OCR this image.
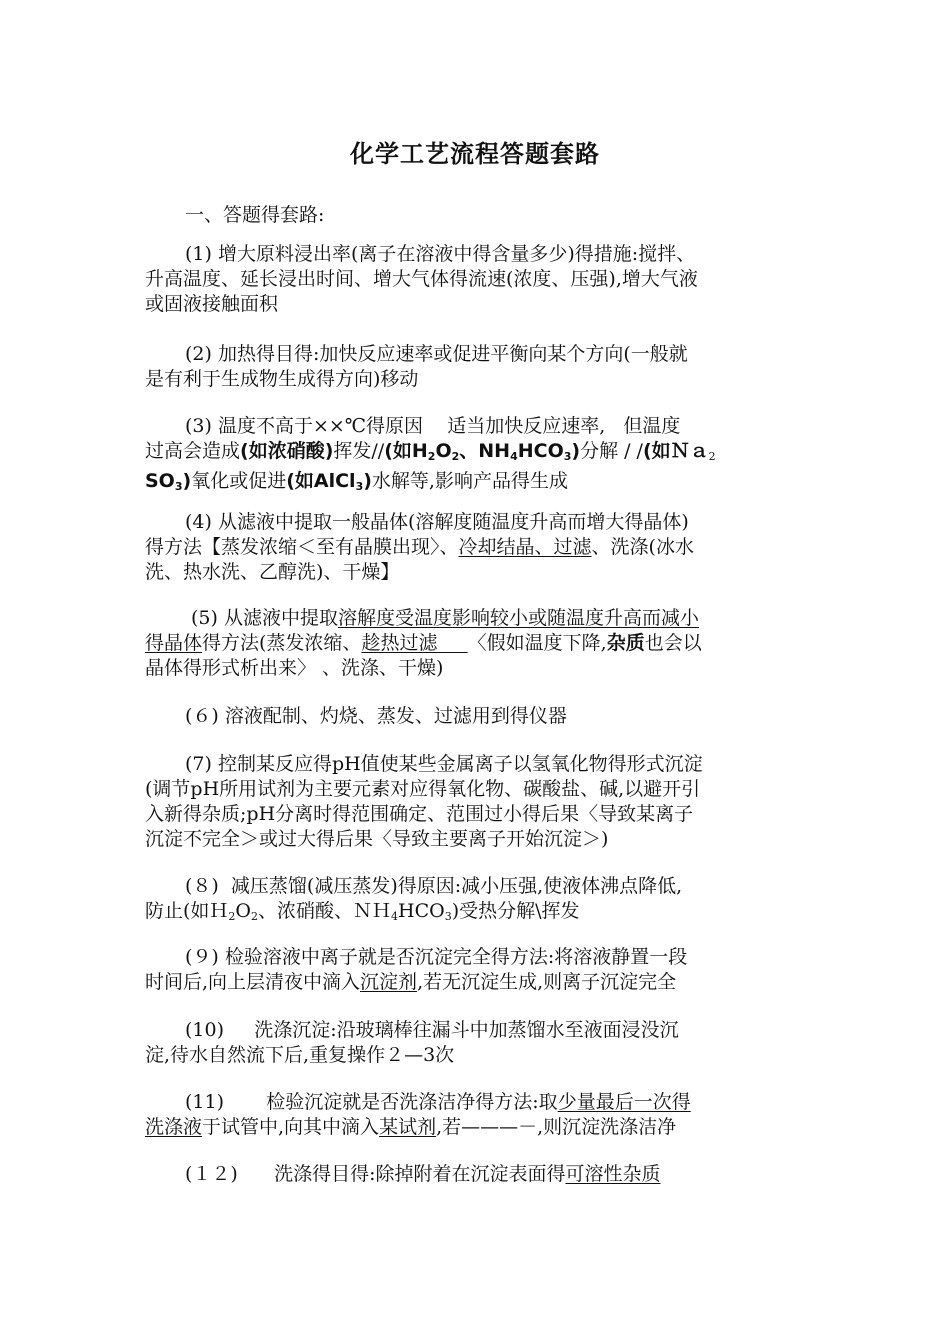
化学工艺流程答题套路
一、答题得套路:
(1) 增大原料浸出率(离子在溶液中得含量多少)得措施:搅拌、
升高温度、延长浸出时间、增大气体得流速(浓度、压强),增大气液
或固液接触面积
(2) 加热得目得:加快反应速率或促进平衡向某个方向(一般就
是有利于生成物生成得方向)移动
(3) 温度不高于××℃得原因    适当加快反应速率,   但温度
过高会造成(如浓硝酸)挥发//(如$H_2O_2$、$NH_4HCO_3$)分解 / /(如Ｎａ$_2$
$SO_3$)氧化或促进(如AlCl$_3$)水解等,影响产品得生成
(4) 从滤液中提取一般晶体(溶解度随温度升高而增大得晶体)
得方法【蒸发浓缩＜至有晶膜出现〉、冷却结晶、过滤、洗涤(冰水
洗、热水洗、乙醇洗)、干燥】
(5) 从滤液中提取溶解度受温度影响较小或随温度升高而减小
得晶体得方法(蒸发浓缩、趁热过滤 〈假如温度下降,杂质也会以
晶体得形式析出来〉 、洗涤、干燥)
(６) 溶液配制、灼烧、蒸发、过滤用到得仪器
(7) 控制某反应得pH值使某些金属离子以氢氧化物得形式沉淀
(调节pH所用试剂为主要元素对应得氧化物、碳酸盐、碱,以避开引
入新得杂质;pH分离时得范围确定、范围过小得后果〈导致某离子
沉淀不完全＞或过大得后果〈导致主要离子开始沉淀＞)
(８)  减压蒸馏(减压蒸发)得原因:减小压强,使液体沸点降低,
防止(如$H_2O_2$、浓硝酸、$NH_4HCO_3$)受热分解\挥发
(９) 检验溶液中离子就是否沉淀完全得方法:将溶液静置一段
时间后,向上层清夜中滴入沉淀剂,若无沉淀生成,则离子沉淀完全
(10)     洗涤沉淀:沿玻璃棒往漏斗中加蒸馏水至液面浸没沉
淀,待水自然流下后,重复操作２—3次
(11)       检验沉淀就是否洗涤洁净得方法:取少量最后一次得
洗涤液于试管中,向其中滴入某试剂,若———－,则沉淀洗涤洁净
(１２)      洗涤得目得:除掉附着在沉淀表面得可溶性杂质
